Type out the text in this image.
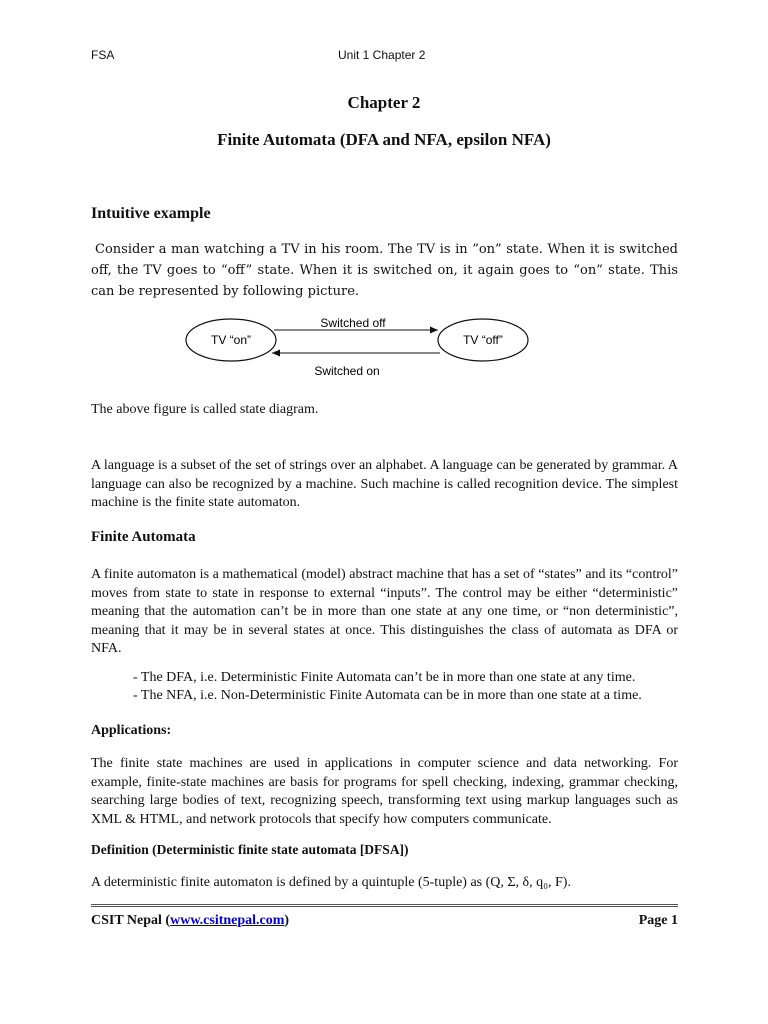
FSA	Unit 1 Chapter 2
Chapter 2
Finite Automata (DFA and NFA, epsilon NFA)
Intuitive example
Consider a man watching a TV in his room. The TV is in ”on” state. When it is switched off, the TV goes to “off” state. When it is switched on, it again goes to “on” state. This can be represented by following picture.
TV “on”	TV “off”
Switched off
Switched on
The above figure is called state diagram.
A language is a subset of the set of strings over an alphabet. A language can be generated by grammar. A language can also be recognized by a machine. Such machine is called recognition device. The simplest machine is the finite state automaton.
Finite Automata
A finite automaton is a mathematical (model) abstract machine that has a set of “states” and its “control” moves from state to state in response to external “inputs”. The control may be either “deterministic” meaning that the automation can’t be in more than one state at any one time, or “non deterministic”, meaning that it may be in several states at once. This distinguishes the class of automata as DFA or NFA.
- The DFA, i.e. Deterministic Finite Automata can’t be in more than one state at any time.
- The NFA, i.e. Non-Deterministic Finite Automata can be in more than one state at a time.
Applications:
The finite state machines are used in applications in computer science and data networking. For example, finite-state machines are basis for programs for spell checking, indexing, grammar checking, searching large bodies of text, recognizing speech, transforming text using markup languages such as XML & HTML, and network protocols that specify how computers communicate.
Definition (Deterministic finite state automata [DFSA])
A deterministic finite automaton is defined by a quintuple (5-tuple) as (Q, Σ, δ, q₀, F).
CSIT Nepal (www.csitnepal.com)	Page 1
